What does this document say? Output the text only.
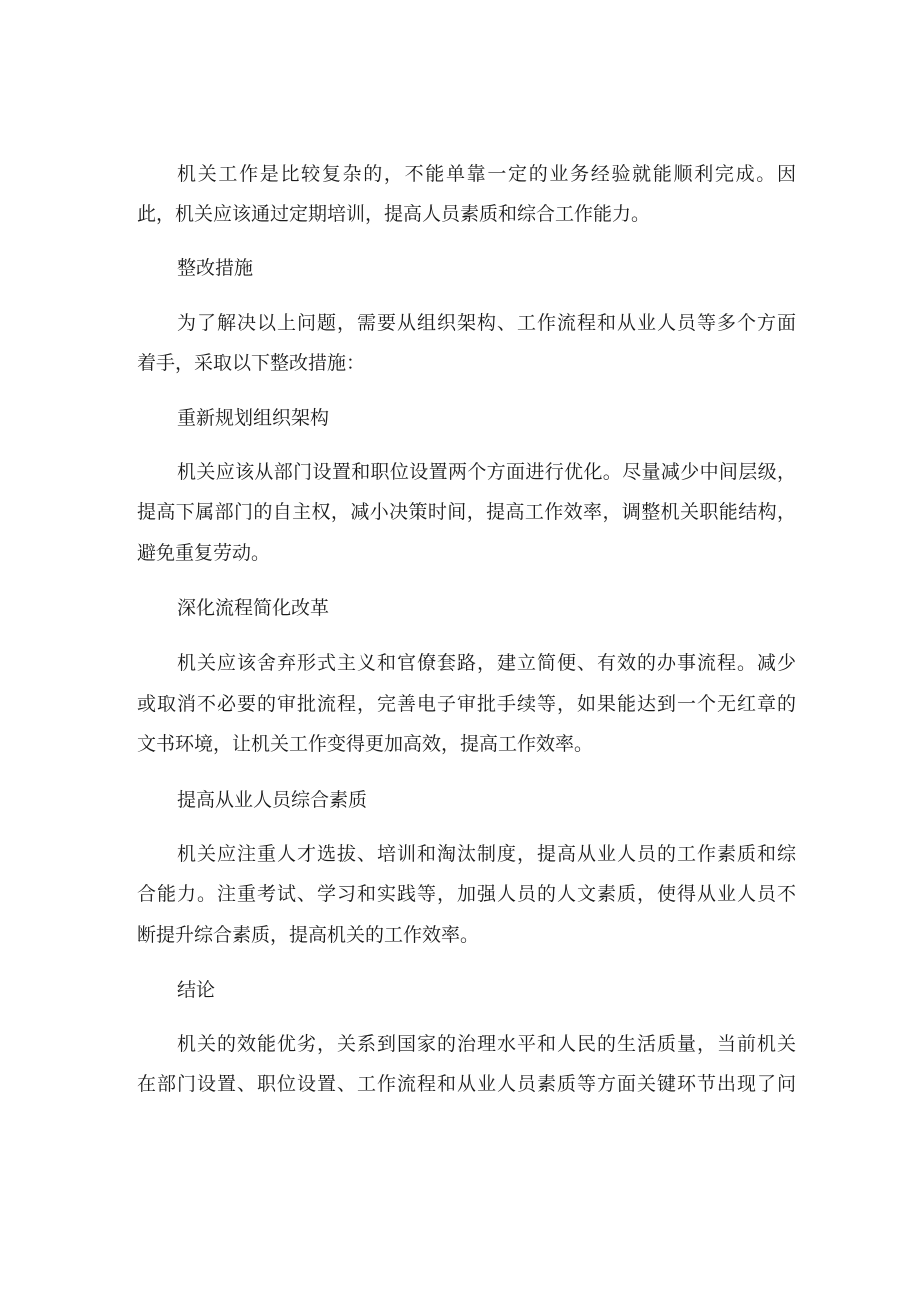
机关工作是比较复杂的，不能单靠一定的业务经验就能顺利完成。因
此，机关应该通过定期培训，提高人员素质和综合工作能力。
整改措施
为了解决以上问题，需要从组织架构、工作流程和从业人员等多个方面
着手，采取以下整改措施：
重新规划组织架构
机关应该从部门设置和职位设置两个方面进行优化。尽量减少中间层级，
提高下属部门的自主权，减小决策时间，提高工作效率，调整机关职能结构，
避免重复劳动。
深化流程简化改革
机关应该舍弃形式主义和官僚套路，建立简便、有效的办事流程。减少
或取消不必要的审批流程，完善电子审批手续等，如果能达到一个无红章的
文书环境，让机关工作变得更加高效，提高工作效率。
提高从业人员综合素质
机关应注重人才选拔、培训和淘汰制度，提高从业人员的工作素质和综
合能力。注重考试、学习和实践等，加强人员的人文素质，使得从业人员不
断提升综合素质，提高机关的工作效率。
结论
机关的效能优劣，关系到国家的治理水平和人民的生活质量，当前机关
在部门设置、职位设置、工作流程和从业人员素质等方面关键环节出现了问
